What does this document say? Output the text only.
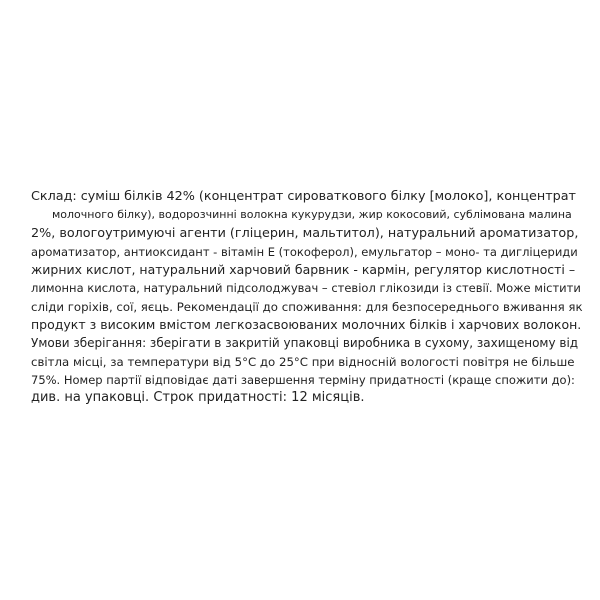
Склад: суміш білків 42% (концентрат сироваткового білку [молоко], концентрат
молочного білку), водорозчинні волокна кукурудзи, жир кокосовий, сублімована малина
2%, вологоутримуючі агенти (гліцерин, мальтитол), натуральний ароматизатор,
ароматизатор, антиоксидант - вітамін Е (токоферол), емульгатор – моно- та дигліцериди
жирних кислот, натуральний харчовий барвник - кармін, регулятор кислотності –
лимонна кислота, натуральний підсолоджувач – стевіол глікозиди із стевії. Може містити
сліди горіхів, сої, яєць. Рекомендації до споживання: для безпосереднього вживання як
продукт з високим вмістом легкозасвоюваних молочних білків і харчових волокон.
Умови зберігання: зберігати в закритій упаковці виробника в сухому, захищеному від
світла місці, за температури від 5°С до 25°С при відносній вологості повітря не більше
75%. Номер партії відповідає даті завершення терміну придатності (краще спожити до):
див. на упаковці. Строк придатності: 12 місяців.
